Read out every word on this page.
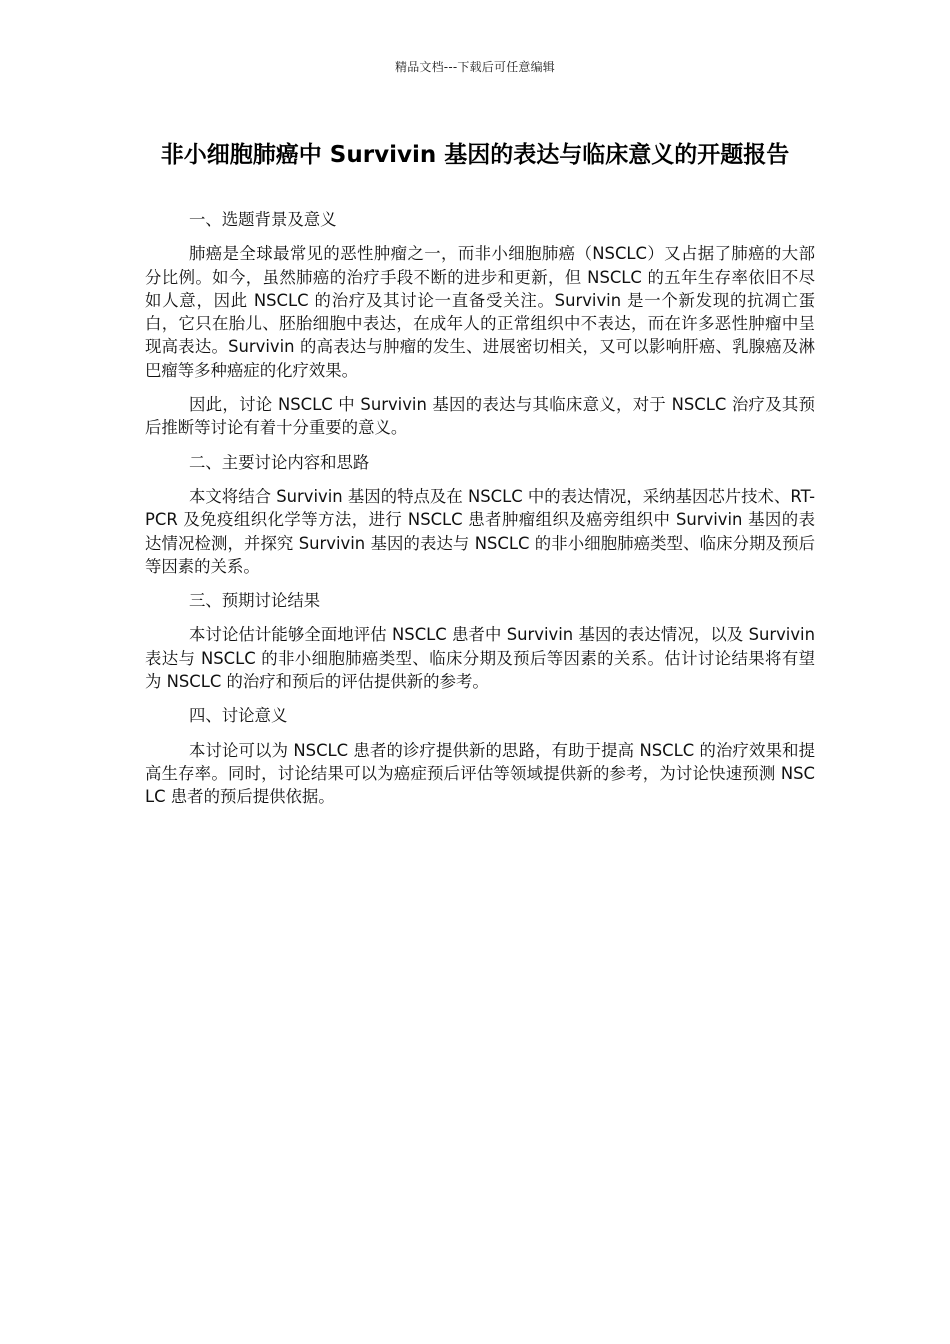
精品文档---下载后可任意编辑
非小细胞肺癌中 Survivin 基因的表达与临床意义的开题报告

一、选题背景及意义

肺癌是全球最常见的恶性肿瘤之一，而非小细胞肺癌（NSCLC）又占据了肺癌的大部分比例。如今，虽然肺癌的治疗手段不断的进步和更新，但 NSCLC 的五年生存率依旧不尽如人意，因此 NSCLC 的治疗及其讨论一直备受关注。Survivin 是一个新发现的抗凋亡蛋白，它只在胎儿、胚胎细胞中表达，在成年人的正常组织中不表达，而在许多恶性肿瘤中呈现高表达。Survivin 的高表达与肿瘤的发生、进展密切相关，又可以影响肝癌、乳腺癌及淋巴瘤等多种癌症的化疗效果。

因此，讨论 NSCLC 中 Survivin 基因的表达与其临床意义，对于 NSCLC 治疗及其预后推断等讨论有着十分重要的意义。

二、主要讨论内容和思路

本文将结合 Survivin 基因的特点及在 NSCLC 中的表达情况，采纳基因芯片技术、RT-PCR 及免疫组织化学等方法，进行 NSCLC 患者肿瘤组织及癌旁组织中 Survivin 基因的表达情况检测，并探究 Survivin 基因的表达与 NSCLC 的非小细胞肺癌类型、临床分期及预后等因素的关系。

三、预期讨论结果

本讨论估计能够全面地评估 NSCLC 患者中 Survivin 基因的表达情况，以及 Survivin 表达与 NSCLC 的非小细胞肺癌类型、临床分期及预后等因素的关系。估计讨论结果将有望为 NSCLC 的治疗和预后的评估提供新的参考。

四、讨论意义

本讨论可以为 NSCLC 患者的诊疗提供新的思路，有助于提高 NSCLC 的治疗效果和提高生存率。同时，讨论结果可以为癌症预后评估等领域提供新的参考，为讨论快速预测 NSCLC 患者的预后提供依据。
